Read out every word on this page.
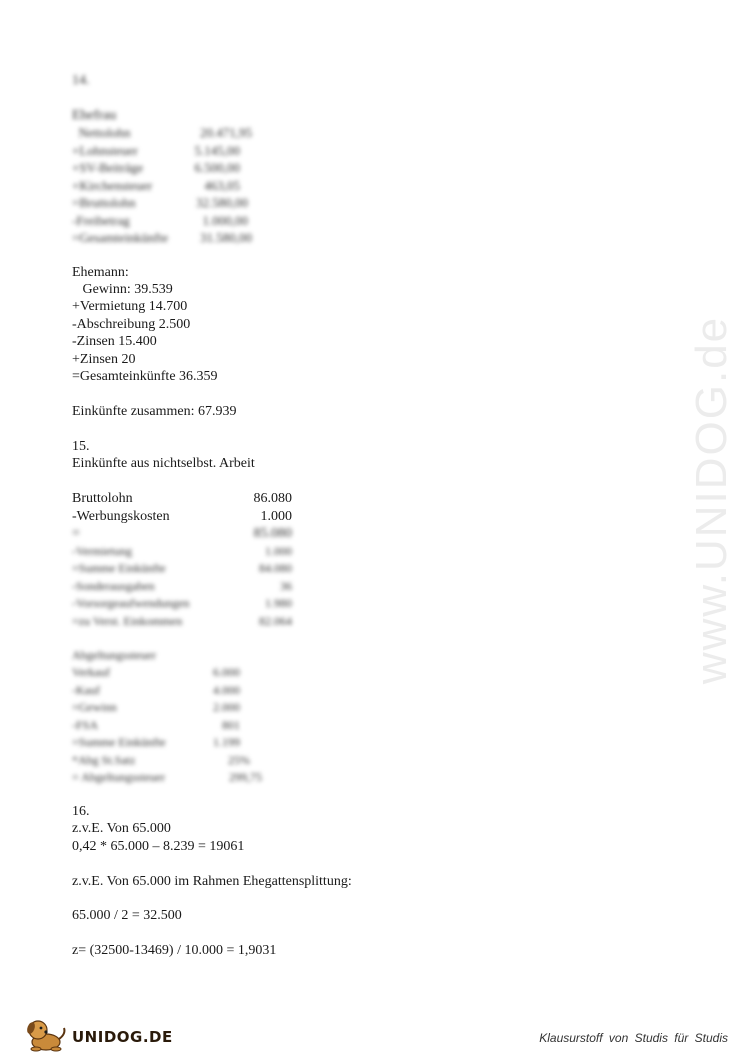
www.UNIDOG.de
14.
Ehefrau
Nettolohn	20.471,95
+Lohnsteuer	5.145,00
+SV-Beiträge	6.500,00
+Kirchensteuer	463,05
=Bruttolohn	32.580,00
-Freibetrag	1.000,00
=Gesamteinkünfte 31.580,00
Ehemann:
Gewinn: 39.539
+Vermietung 14.700
-Abschreibung 2.500
-Zinsen 15.400
+Zinsen 20
=Gesamteinkünfte 36.359
Einkünfte zusammen: 67.939
15.
Einkünfte aus nichtselbst. Arbeit
Bruttolohn	86.080
-Werbungskosten	1.000
=	85.080
-Vermietung	1.000
=Summe Einkünfte	84.080
-Sonderausgaben	36
-Vorsorgeaufwendungen	1.980
=zu Verst. Einkommen	82.064
Abgeltungssteuer
Verkauf	6.000
-Kauf	4.000
=Gewinn	2.000
-FSA	801
=Summe Einkünfte	1.199
*Abg St.Satz	25%
= Abgeltungssteuer	299,75
16.
z.v.E. Von 65.000
0,42 * 65.000 – 8.239 = 19061
z.v.E. Von 65.000 im Rahmen Ehegattensplittung:
65.000 / 2 = 32.500
z= (32500-13469) / 10.000 = 1,9031
UNIDOG.DE	Klausurstoff von Studis für Studis
